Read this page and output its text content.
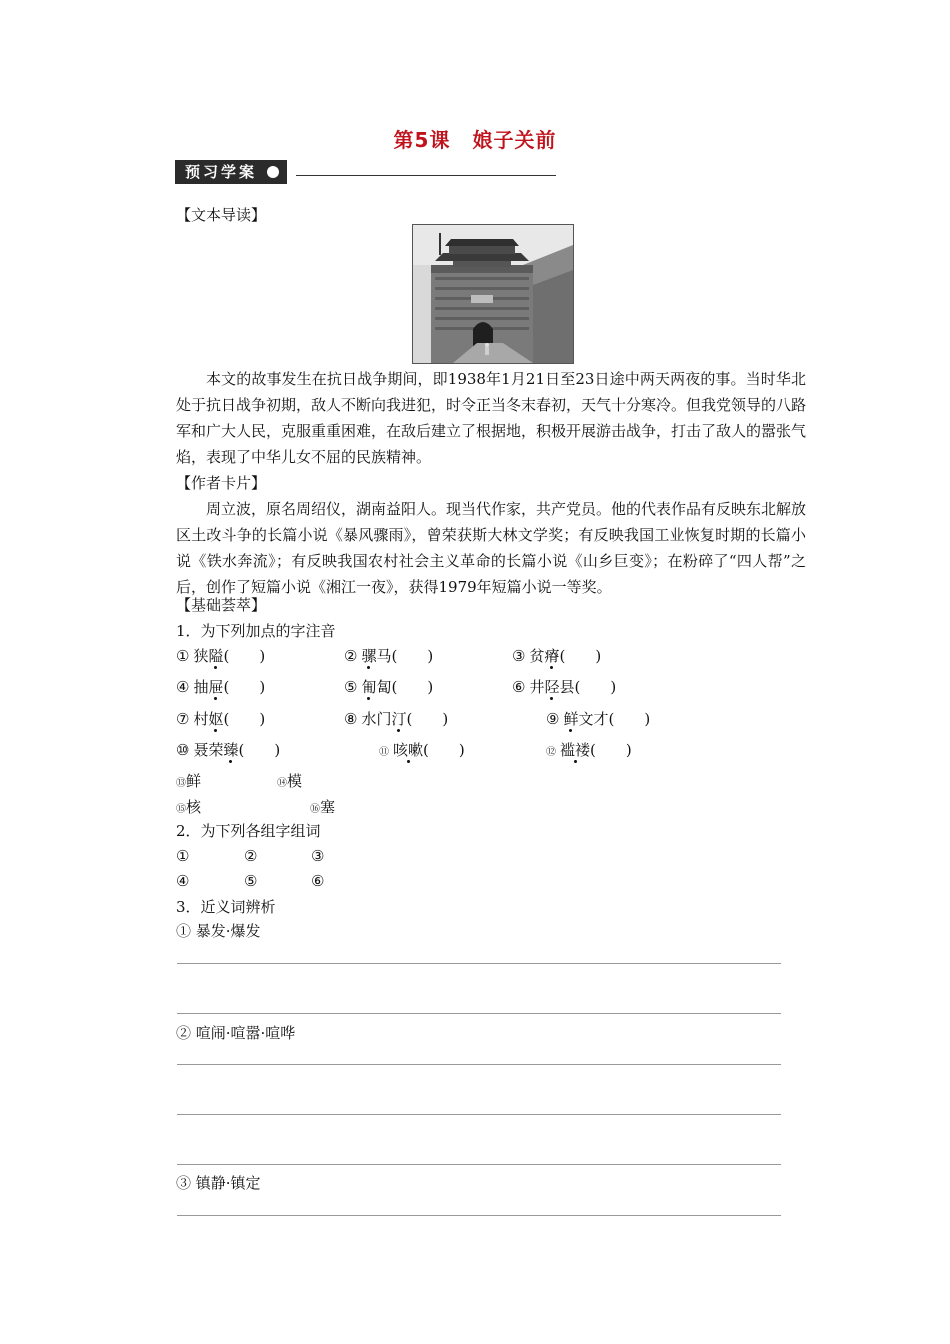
第5课 娘子关前
预习学案
【文本导读】
本文的故事发生在抗日战争期间，即1938年1月21日至23日途中两天两夜的事。当时华北处于抗日战争初期，敌人不断向我进犯，时令正当冬末春初，天气十分寒冷。但我党领导的八路军和广大人民，克服重重困难，在敌后建立了根据地，积极开展游击战争，打击了敌人的嚣张气焰，表现了中华儿女不屈的民族精神。
【作者卡片】
周立波，原名周绍仪，湖南益阳人。现当代作家，共产党员。他的代表作品有反映东北解放区土改斗争的长篇小说《暴风骤雨》，曾荣获斯大林文学奖；有反映我国工业恢复时期的长篇小说《铁水奔流》；有反映我国农村社会主义革命的长篇小说《山乡巨变》；在粉碎了“四人帮”之后，创作了短篇小说《湘江一夜》，获得1979年短篇小说一等奖。
【基础荟萃】
1．为下列加点的字注音
① 狭隘(　　)	② 骡马(　　)	③ 贫瘠(　　)
④ 抽屉(　　)	⑤ 匍匐(　　)	⑥ 井陉县(　　)
⑦ 村妪(　　)	⑧ 水门汀(　　)	⑨ 鲜文才(　　)
⑩ 聂荣臻(　　)	⑪ 咳嗽(　　)	⑫ 褴褛(　　)
⑬鲜	⑭模
⑮核	⑯塞
2．为下列各组字组词
①	②	③
④	⑤	⑥
3．近义词辨析
① 暴发·爆发
② 喧闹·喧嚣·喧哗
③ 镇静·镇定
